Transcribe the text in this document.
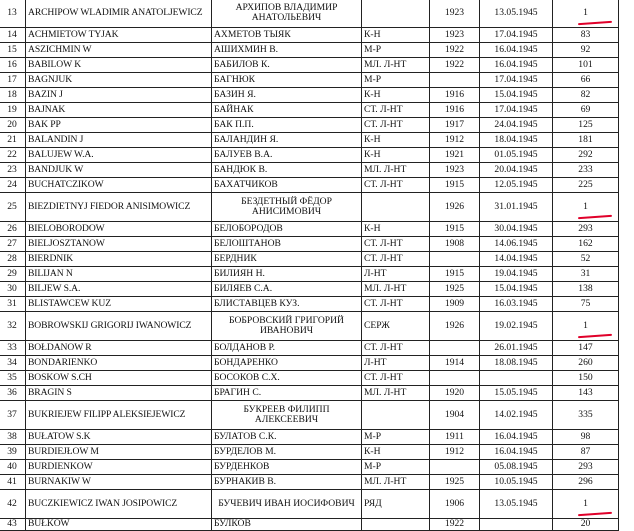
13	ARCHIPOW WLADIMIR ANATOLJEWICZ	АРХИПОВ ВЛАДИМИР АНАТОЛЬЕВИЧ		1923	13.05.1945	1
14	ACHMIETOW TYJAK	АХМЕТОВ ТЫЯК	К-Н	1923	17.04.1945	83
15	ASZICHMIN W	АШИХМИН В.	М-Р	1922	16.04.1945	92
16	BABILOW K	БАБИЛОВ К.	МЛ. Л-НТ	1922	16.04.1945	101
17	BAGNJUK	БАГНЮК	М-Р		17.04.1945	66
18	BAZIN J	БАЗИН Я.	К-Н	1916	15.04.1945	82
19	BAJNAK	БАЙНАК	СТ. Л-НТ	1916	17.04.1945	69
20	BAK PP	БАК П.П.	СТ. Л-НТ	1917	24.04.1945	125
21	BALANDIN J	БАЛАНДИН Я.	К-Н	1912	18.04.1945	181
22	BALUJEW W.A.	БАЛУЕВ В.А.	К-Н	1921	01.05.1945	292
23	BANDJUK W	БАНДЮК В.	МЛ. Л-НТ	1923	20.04.1945	233
24	BUCHATCZIKOW	БАХАТЧИКОВ	СТ. Л-НТ	1915	12.05.1945	225
25	BIEZDIETNYJ FIEDOR ANISIMOWICZ	БЕЗДЕТНЫЙ ФЁДОР АНИСИМОВИЧ		1926	31.01.1945	1
26	BIELOBORODOW	БЕЛОБОРОДОВ	К-Н	1915	30.04.1945	293
27	BIELJOSZTANOW	БЕЛОШТАНОВ	СТ. Л-НТ	1908	14.06.1945	162
28	BIERDNIK	БЕРДНИК	СТ. Л-НТ		14.04.1945	52
29	BILIJAN N	БИЛИЯН Н.	Л-НТ	1915	19.04.1945	31
30	BILJEW S.A.	БИЛЯЕВ С.А.	МЛ. Л-НТ	1925	15.04.1945	138
31	BLISTAWCEW KUZ	БЛИСТАВЦЕВ КУЗ.	СТ. Л-НТ	1909	16.03.1945	75
32	BOBROWSKIJ GRIGORIJ IWANOWICZ	БОБРОВСКИЙ ГРИГОРИЙ ИВАНОВИЧ	СЕРЖ	1926	19.02.1945	1
33	BOŁDANOW R	БОЛДАНОВ Р.	СТ. Л-НТ		26.01.1945	147
34	BONDARIENKO	БОНДАРЕНКО	Л-НТ	1914	18.08.1945	260
35	BOSKOW S.CH	БОСОКОВ С.Х.	СТ. Л-НТ			150
36	BRAGIN S	БРАГИН С.	МЛ. Л-НТ	1920	15.05.1945	143
37	BUKRIEJEW FILIPP ALEKSIEJEWICZ	БУКРЕЕВ ФИЛИПП АЛЕКСЕЕВИЧ		1904	14.02.1945	335
38	BUŁATOW S.K	БУЛАТОВ С.К.	М-Р	1911	16.04.1945	98
39	BURDIEJŁOW M	БУРДЕЛОВ М.	К-Н	1912	16.04.1945	87
40	BURDIENKOW	БУРДЕНКОВ	М-Р		05.08.1945	293
41	BURNAKIW W	БУРНАКИВ В.	МЛ. Л-НТ	1925	10.05.1945	296
42	BUCZKIEWICZ IWAN JOSIPOWICZ	БУЧЕВИЧ ИВАН ИОСИФОВИЧ	РЯД	1906	13.05.1945	1
43	BUŁKOW	БУЛКОВ		1922		20
